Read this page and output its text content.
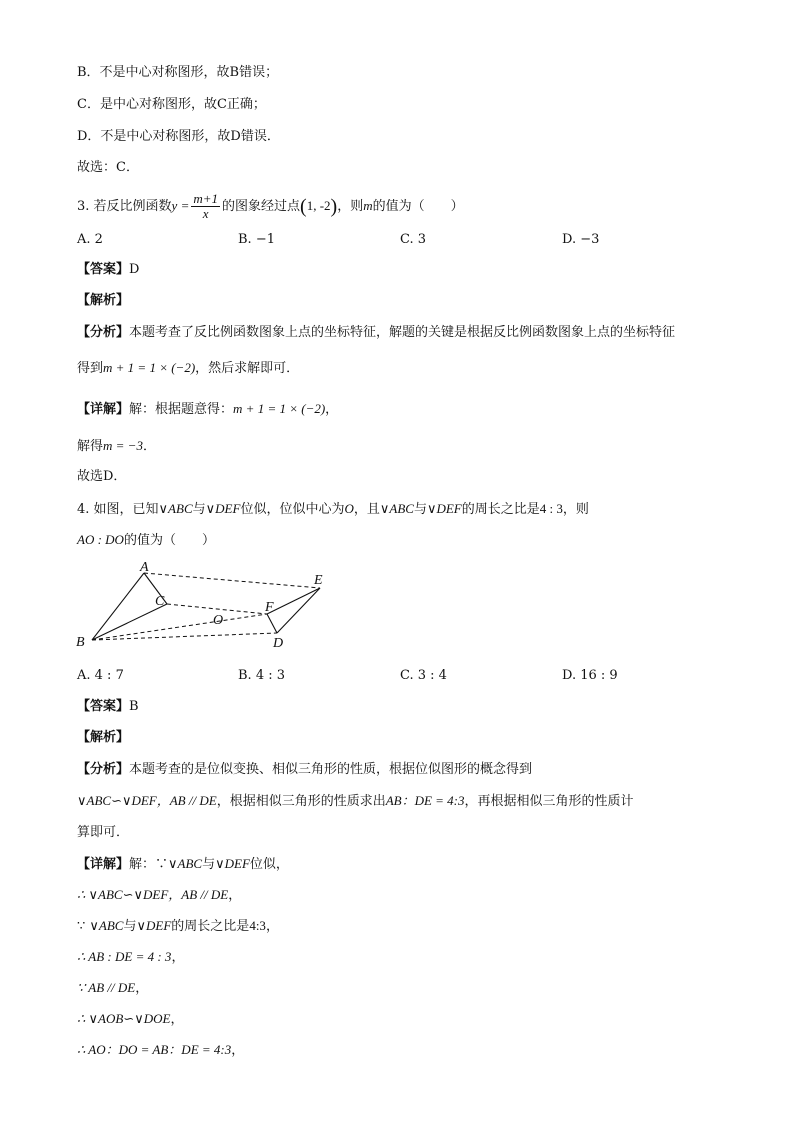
B．不是中心对称图形，故B错误；
C．是中心对称图形，故C正确；
D．不是中心对称图形，故D错误．
故选：C．
3. 若反比例函数$y = \frac{m+1}{x}$ 的图象经过点(1, -2)，则m的值为（　　）
A. 2	B. −1	C. 3	D. −3
【答案】D
【解析】
【分析】本题考查了反比例函数图象上点的坐标特征，解题的关键是根据反比例函数图象上点的坐标特征
得到m + 1 = 1 × (−2)，然后求解即可．
【详解】解：根据题意得：m + 1 = 1 × (−2)，
解得m = −3．
故选D．
4. 如图，已知∨ABC与∨DEF位似，位似中心为O，且∨ABC与∨DEF的周长之比是4 : 3，则
AO : DO的值为（　　）
A
B
C
O
F
E
D
A. 4 : 7	B. 4 : 3	C. 3 : 4	D. 16 : 9
【答案】B
【解析】
【分析】本题考查的是位似变换、相似三角形的性质，根据位似图形的概念得到
∨ABC∽∨DEF，AB // DE，根据相似三角形的性质求出AB：DE = 4:3，再根据相似三角形的性质计
算即可．
【详解】解：∵∨ABC与∨DEF位似，
∴ ∨ABC∽∨DEF，AB // DE，
∵ ∨ABC与∨DEF的周长之比是4:3，
∴ AB : DE = 4 : 3，
∵ AB // DE，
∴ ∨AOB∽∨DOE，
∴ AO：DO = AB：DE = 4:3，
